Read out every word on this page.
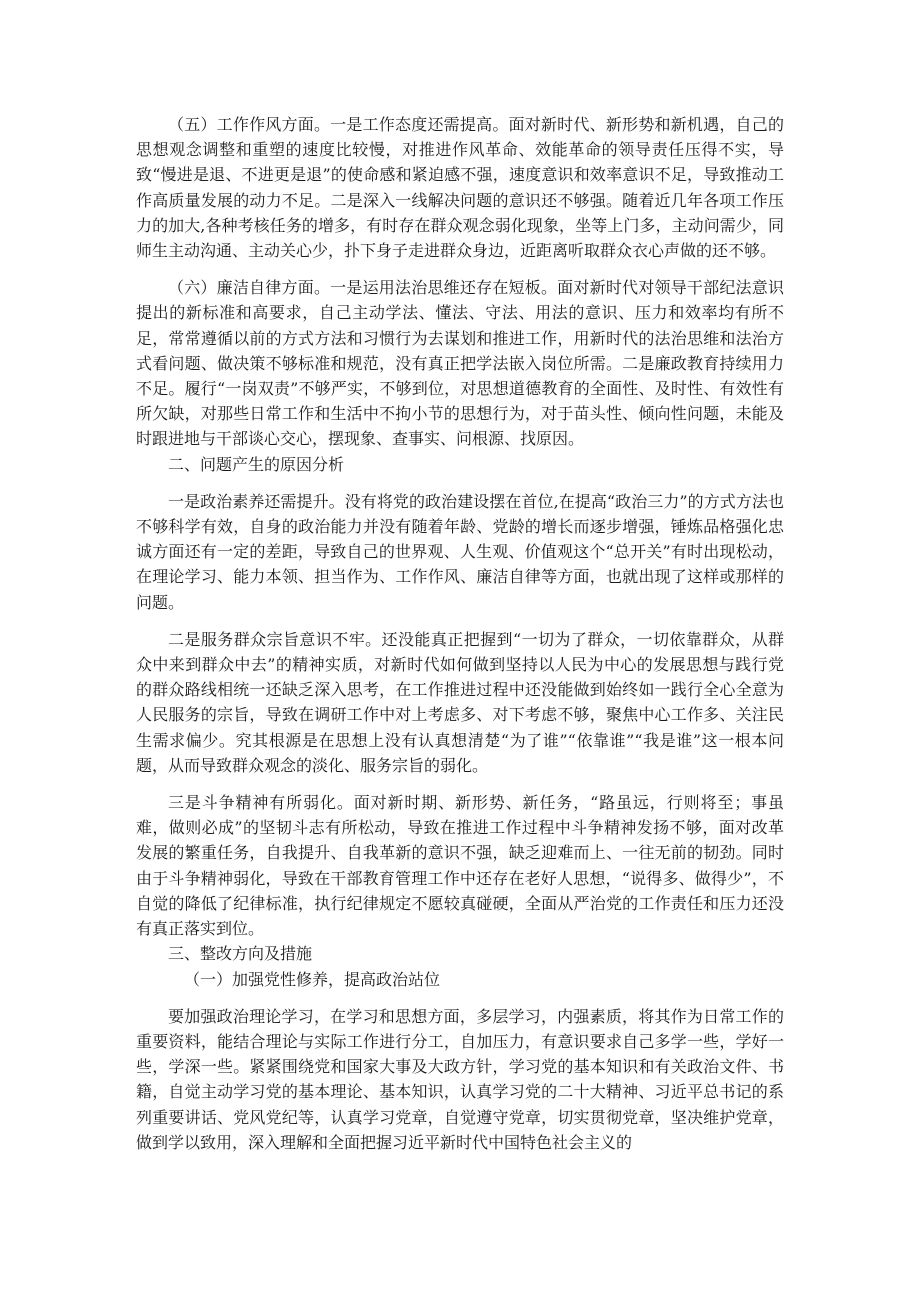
（五）工作作风方面。一是工作态度还需提高。面对新时代、新形势和新机遇，自己的思想观念调整和重塑的速度比较慢，对推进作风革命、效能革命的领导责任压得不实，导致“慢进是退、不进更是退”的使命感和紧迫感不强，速度意识和效率意识不足，导致推动工作高质量发展的动力不足。二是深入一线解决问题的意识还不够强。随着近几年各项工作压力的加大,各种考核任务的增多，有时存在群众观念弱化现象，坐等上门多，主动问需少，同师生主动沟通、主动关心少，扑下身子走进群众身边，近距离听取群众衣心声做的还不够。

（六）廉洁自律方面。一是运用法治思维还存在短板。面对新时代对领导干部纪法意识提出的新标准和高要求，自己主动学法、懂法、守法、用法的意识、压力和效率均有所不足，常常遵循以前的方式方法和习惯行为去谋划和推进工作，用新时代的法治思维和法治方式看问题、做决策不够标准和规范，没有真正把学法嵌入岗位所需。二是廉政教育持续用力不足。履行“一岗双责”不够严实，不够到位，对思想道德教育的全面性、及时性、有效性有所欠缺，对那些日常工作和生活中不拘小节的思想行为，对于苗头性、倾向性问题，未能及时跟进地与干部谈心交心，摆现象、查事实、问根源、找原因。

二、问题产生的原因分析

一是政治素养还需提升。没有将党的政治建设摆在首位,在提高“政治三力”的方式方法也不够科学有效，自身的政治能力并没有随着年龄、党龄的增长而逐步增强，锤炼品格强化忠诚方面还有一定的差距，导致自己的世界观、人生观、价值观这个“总开关”有时出现松动，在理论学习、能力本领、担当作为、工作作风、廉洁自律等方面，也就出现了这样或那样的问题。

二是服务群众宗旨意识不牢。还没能真正把握到“一切为了群众，一切依靠群众，从群众中来到群众中去”的精神实质，对新时代如何做到坚持以人民为中心的发展思想与践行党的群众路线相统一还缺乏深入思考，在工作推进过程中还没能做到始终如一践行全心全意为人民服务的宗旨，导致在调研工作中对上考虑多、对下考虑不够，聚焦中心工作多、关注民生需求偏少。究其根源是在思想上没有认真想清楚“为了谁”“依靠谁”“我是谁”这一根本问题，从而导致群众观念的淡化、服务宗旨的弱化。

三是斗争精神有所弱化。面对新时期、新形势、新任务，“路虽远，行则将至；事虽难，做则必成”的坚韧斗志有所松动，导致在推进工作过程中斗争精神发扬不够，面对改革发展的繁重任务，自我提升、自我革新的意识不强，缺乏迎难而上、一往无前的韧劲。同时由于斗争精神弱化，导致在干部教育管理工作中还存在老好人思想，“说得多、做得少”，不自觉的降低了纪律标准，执行纪律规定不愿较真碰硬，全面从严治党的工作责任和压力还没有真正落实到位。

三、整改方向及措施

（一）加强党性修养，提高政治站位

要加强政治理论学习，在学习和思想方面，多层学习，内强素质，将其作为日常工作的重要资料，能结合理论与实际工作进行分工，自加压力，有意识要求自己多学一些，学好一些，学深一些。紧紧围绕党和国家大事及大政方针，学习党的基本知识和有关政治文件、书籍，自觉主动学习党的基本理论、基本知识，认真学习党的二十大精神、习近平总书记的系列重要讲话、党风党纪等，认真学习党章，自觉遵守党章，切实贯彻党章，坚决维护党章，做到学以致用，深入理解和全面把握习近平新时代中国特色社会主义的
